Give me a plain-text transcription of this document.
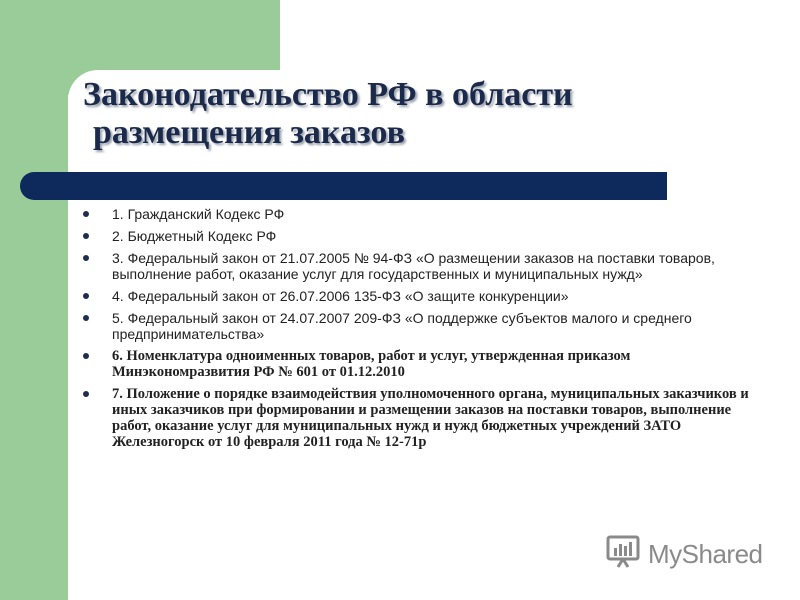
Законодательство РФ в области
размещения заказов
1. Гражданский Кодекс РФ
2. Бюджетный Кодекс РФ
3. Федеральный закон от 21.07.2005 № 94-ФЗ «О размещении заказов на поставки товаров, выполнение работ, оказание услуг для государственных и муниципальных нужд»
4. Федеральный закон от 26.07.2006 135-ФЗ «О защите конкуренции»
5. Федеральный закон от 24.07.2007 209-ФЗ «О поддержке субъектов малого и среднего предпринимательства»
6. Номенклатура одноименных товаров, работ и услуг, утвержденная приказом Минэкономразвития РФ № 601 от 01.12.2010
7. Положение о порядке взаимодействия уполномоченного органа, муниципальных заказчиков и иных заказчиков при формировании и размещении заказов на поставки товаров, выполнение работ, оказание услуг для муниципальных нужд и нужд бюджетных учреждений ЗАТО Железногорск от 10 февраля 2011 года № 12-71р
MyShared
